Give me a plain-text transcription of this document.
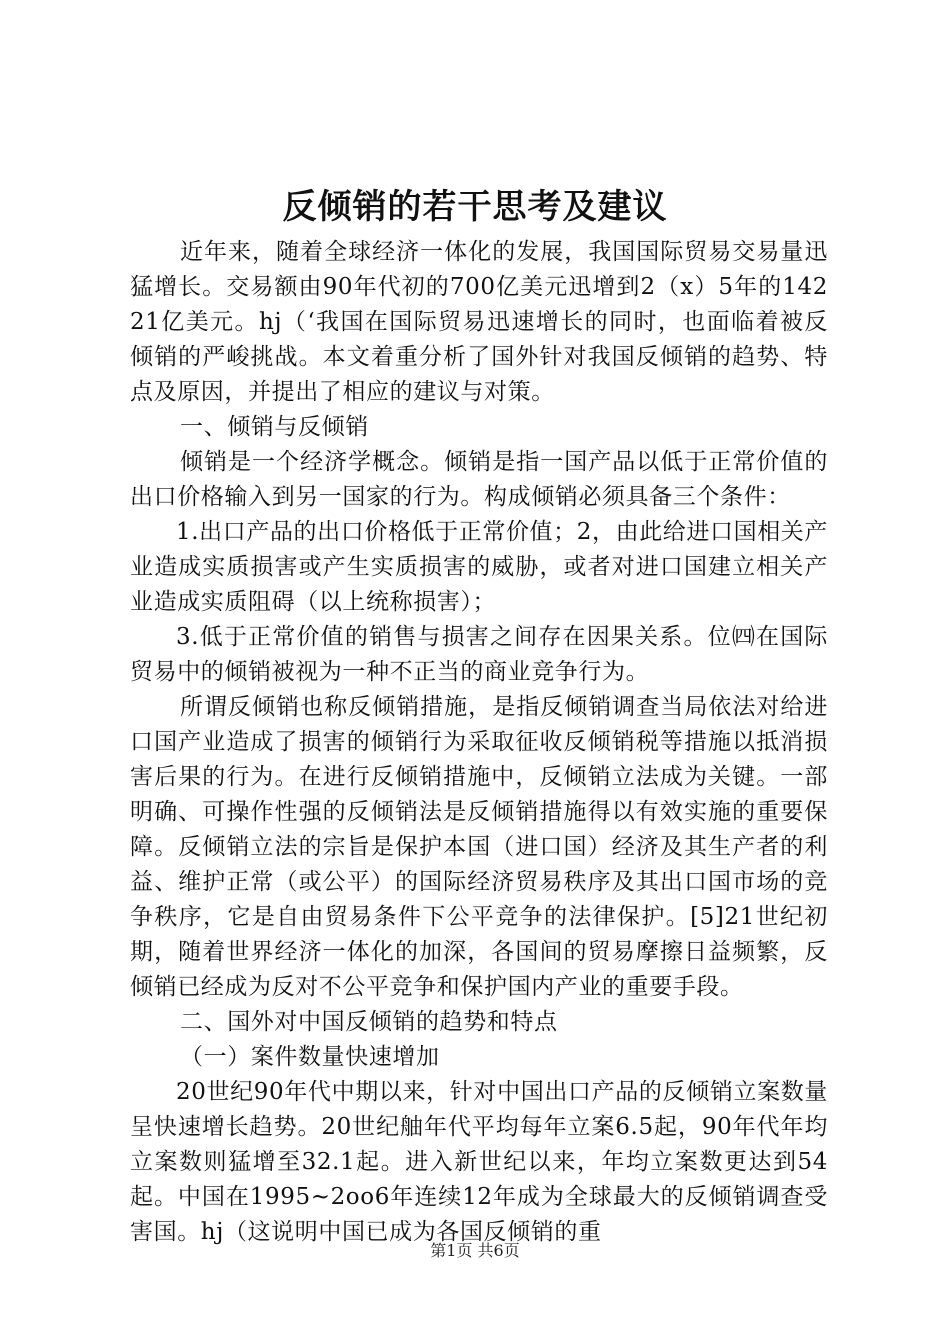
反倾销的若干思考及建议

近年来，随着全球经济一体化的发展，我国国际贸易交易量迅猛增长。交易额由90年代初的700亿美元迅增到2（x）5年的14221亿美元。hj（‘我国在国际贸易迅速增长的同时，也面临着被反倾销的严峻挑战。本文着重分析了国外针对我国反倾销的趋势、特点及原因，并提出了相应的建议与对策。

一、倾销与反倾销

倾销是一个经济学概念。倾销是指一国产品以低于正常价值的出口价格输入到另一国家的行为。构成倾销必须具备三个条件：

1.出口产品的出口价格低于正常价值；2，由此给进口国相关产业造成实质损害或产生实质损害的威胁，或者对进口国建立相关产业造成实质阻碍（以上统称损害）；

3.低于正常价值的销售与损害之间存在因果关系。位㈣在国际贸易中的倾销被视为一种不正当的商业竞争行为。

所谓反倾销也称反倾销措施，是指反倾销调查当局依法对给进口国产业造成了损害的倾销行为采取征收反倾销税等措施以抵消损害后果的行为。在进行反倾销措施中，反倾销立法成为关键。一部明确、可操作性强的反倾销法是反倾销措施得以有效实施的重要保障。反倾销立法的宗旨是保护本国（进口国）经济及其生产者的利益、维护正常（或公平）的国际经济贸易秩序及其出口国市场的竞争秩序，它是自由贸易条件下公平竞争的法律保护。[5]21世纪初期，随着世界经济一体化的加深，各国间的贸易摩擦日益频繁，反倾销已经成为反对不公平竞争和保护国内产业的重要手段。

二、国外对中国反倾销的趋势和特点

（一）案件数量快速增加

20世纪90年代中期以来，针对中国出口产品的反倾销立案数量呈快速增长趋势。20世纪舳年代平均每年立案6.5起，90年代年均立案数则猛增至32.1起。进入新世纪以来，年均立案数更达到54起。中国在1995~2oo6年连续12年成为全球最大的反倾销调查受害国。hj（这说明中国已成为各国反倾销的重

第1页 共6页
